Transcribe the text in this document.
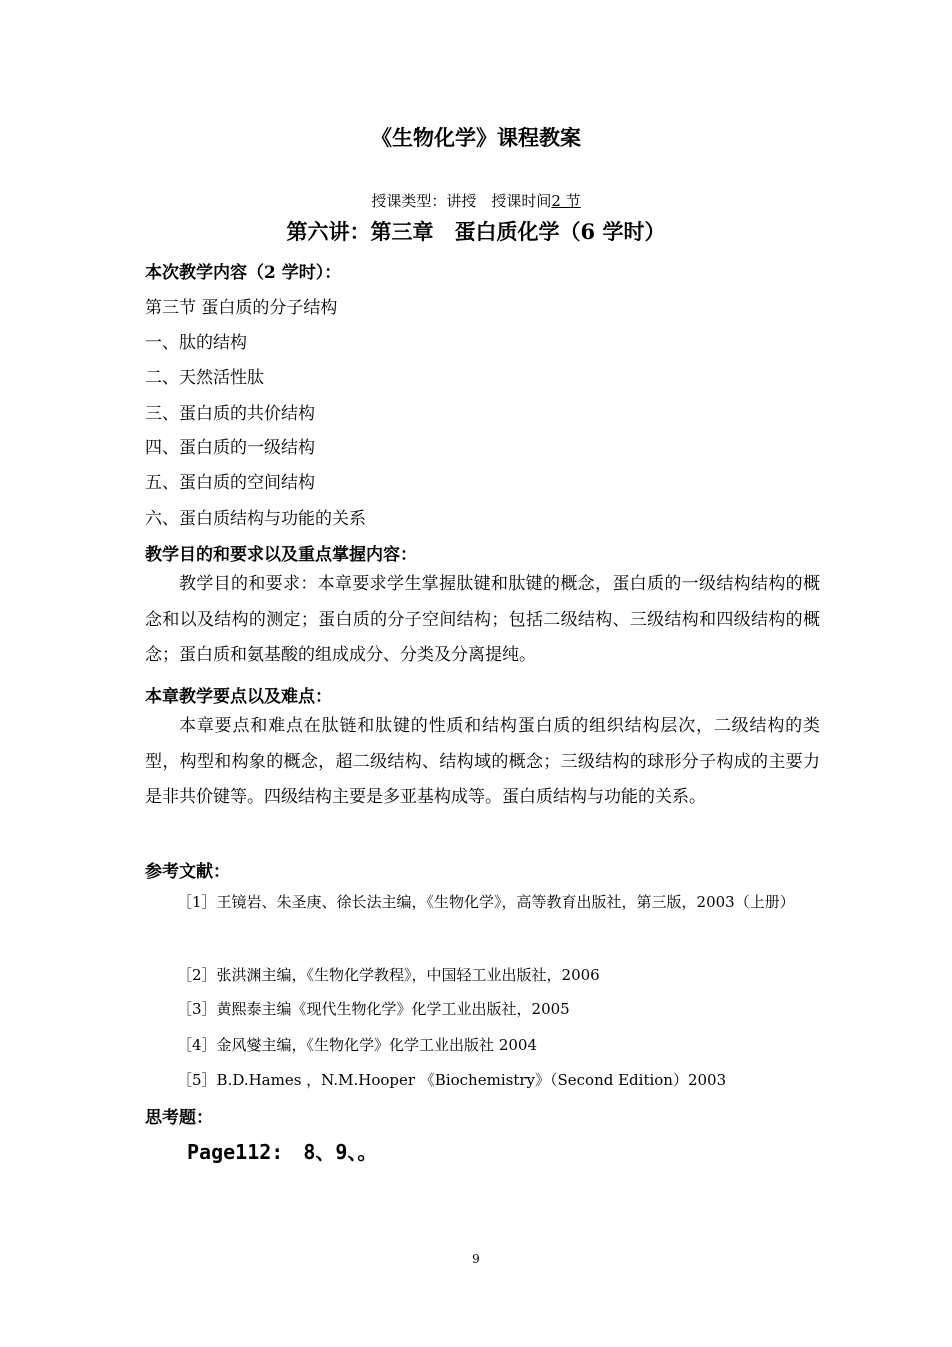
《生物化学》课程教案
授课类型：讲授　授课时间2 节
第六讲：第三章　蛋白质化学（6 学时）
本次教学内容（2 学时）：
第三节 蛋白质的分子结构
一、肽的结构
二、天然活性肽
三、蛋白质的共价结构
四、蛋白质的一级结构
五、蛋白质的空间结构
六、蛋白质结构与功能的关系
教学目的和要求以及重点掌握内容：
教学目的和要求：本章要求学生掌握肽键和肽键的概念，蛋白质的一级结构结构的概念和以及结构的测定；蛋白质的分子空间结构；包括二级结构、三级结构和四级结构的概念；蛋白质和氨基酸的组成成分、分类及分离提纯。
本章教学要点以及难点：
本章要点和难点在肽链和肽键的性质和结构蛋白质的组织结构层次，二级结构的类型，构型和构象的概念，超二级结构、结构域的概念；三级结构的球形分子构成的主要力是非共价键等。四级结构主要是多亚基构成等。蛋白质结构与功能的关系。
参考文献：
［1］王镜岩、朱圣庚、徐长法主编，《生物化学》，高等教育出版社，第三版，2003（上册）
［2］张洪渊主编，《生物化学教程》，中国轻工业出版社，2006
［3］黄熙泰主编《现代生物化学》化学工业出版社，2005
［4］金风燮主编，《生物化学》化学工业出版社 2004
［5］B.D.Hames ，N.M.Hooper 《Biochemistry》（Second Edition）2003
思考题：
Page112:　8、9、。
9
